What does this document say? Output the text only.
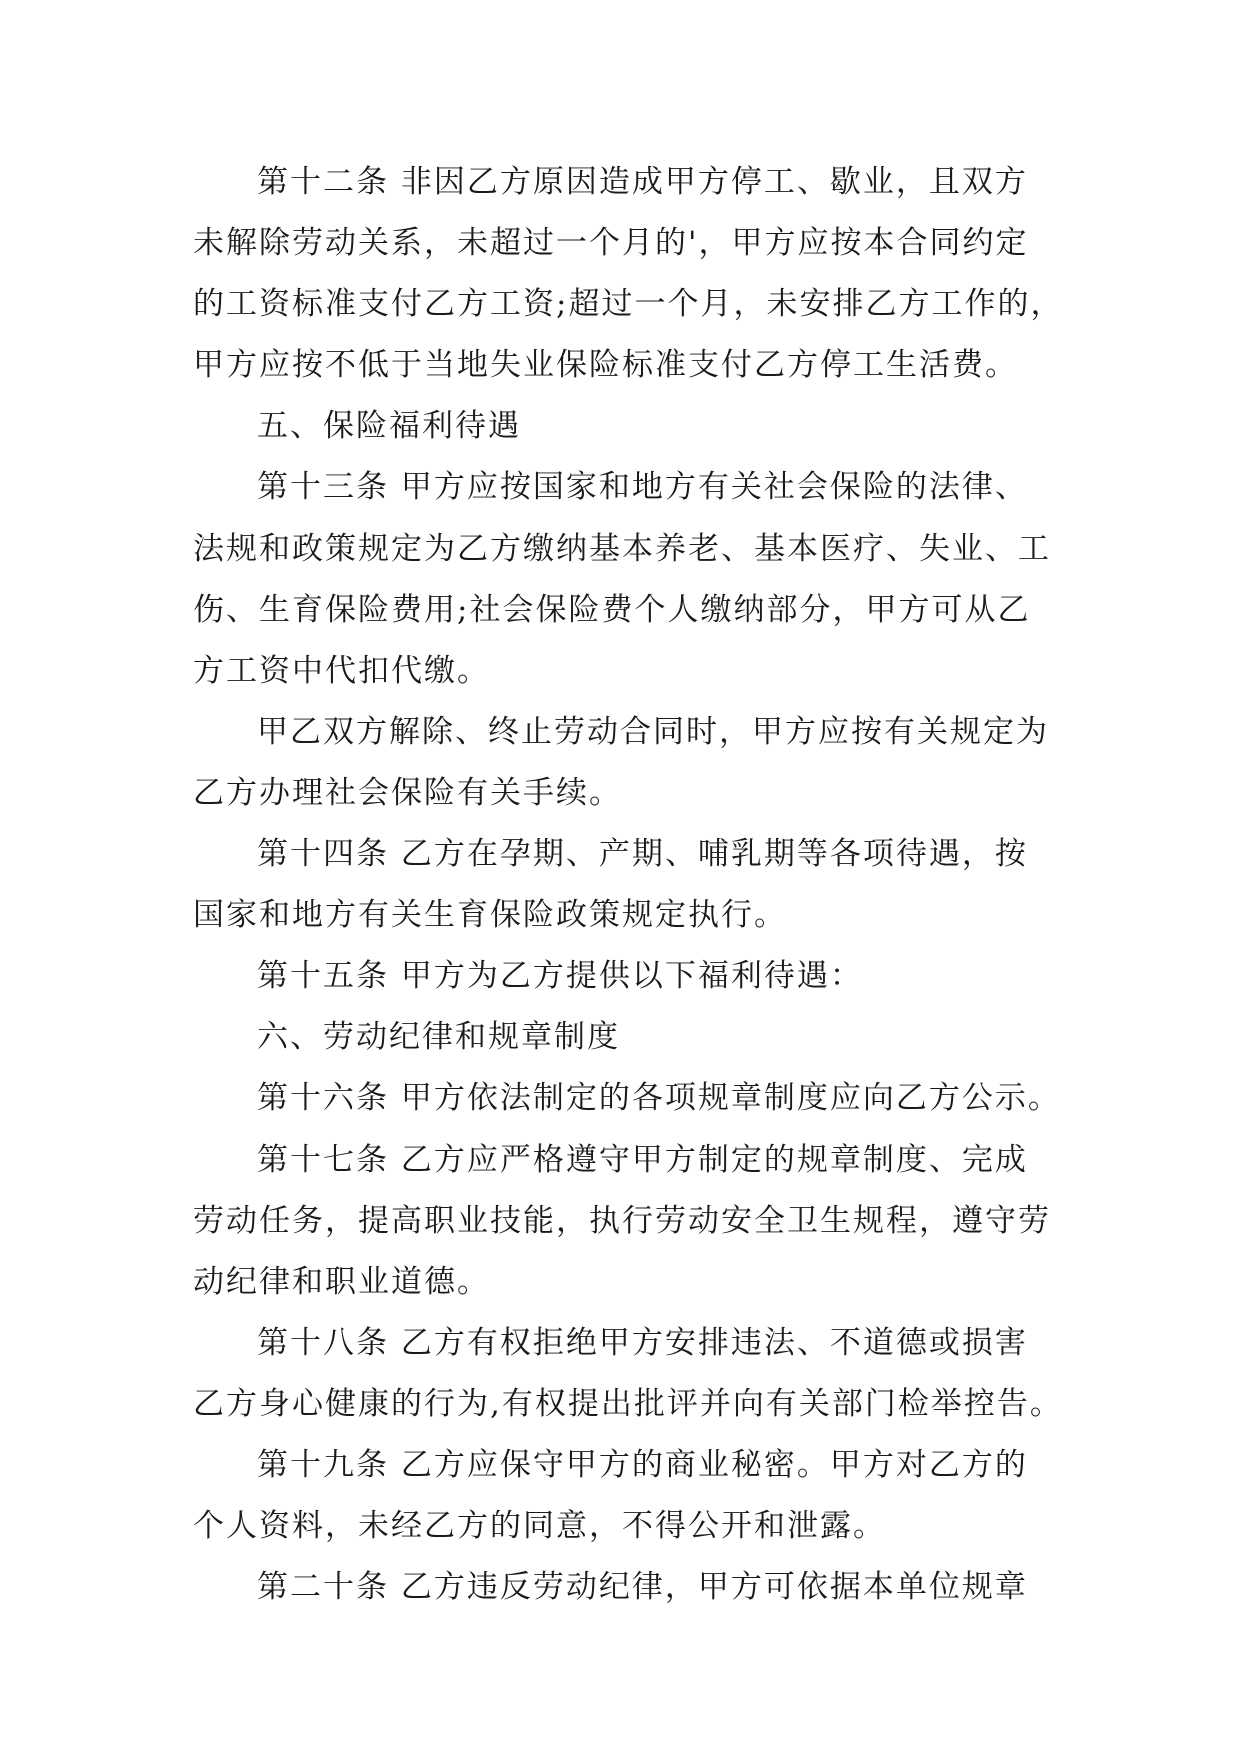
第十二条 非因乙方原因造成甲方停工、歇业，且双方
未解除劳动关系，未超过一个月的'，甲方应按本合同约定
的工资标准支付乙方工资;超过一个月，未安排乙方工作的，
甲方应按不低于当地失业保险标准支付乙方停工生活费。
五、保险福利待遇
第十三条 甲方应按国家和地方有关社会保险的法律、
法规和政策规定为乙方缴纳基本养老、基本医疗、失业、工
伤、生育保险费用;社会保险费个人缴纳部分，甲方可从乙
方工资中代扣代缴。
甲乙双方解除、终止劳动合同时，甲方应按有关规定为
乙方办理社会保险有关手续。
第十四条 乙方在孕期、产期、哺乳期等各项待遇，按
国家和地方有关生育保险政策规定执行。
第十五条 甲方为乙方提供以下福利待遇：
六、劳动纪律和规章制度
第十六条 甲方依法制定的各项规章制度应向乙方公示。
第十七条 乙方应严格遵守甲方制定的规章制度、完成
劳动任务，提高职业技能，执行劳动安全卫生规程，遵守劳
动纪律和职业道德。
第十八条 乙方有权拒绝甲方安排违法、不道德或损害
乙方身心健康的行为,有权提出批评并向有关部门检举控告。
第十九条 乙方应保守甲方的商业秘密。甲方对乙方的
个人资料，未经乙方的同意，不得公开和泄露。
第二十条 乙方违反劳动纪律，甲方可依据本单位规章
